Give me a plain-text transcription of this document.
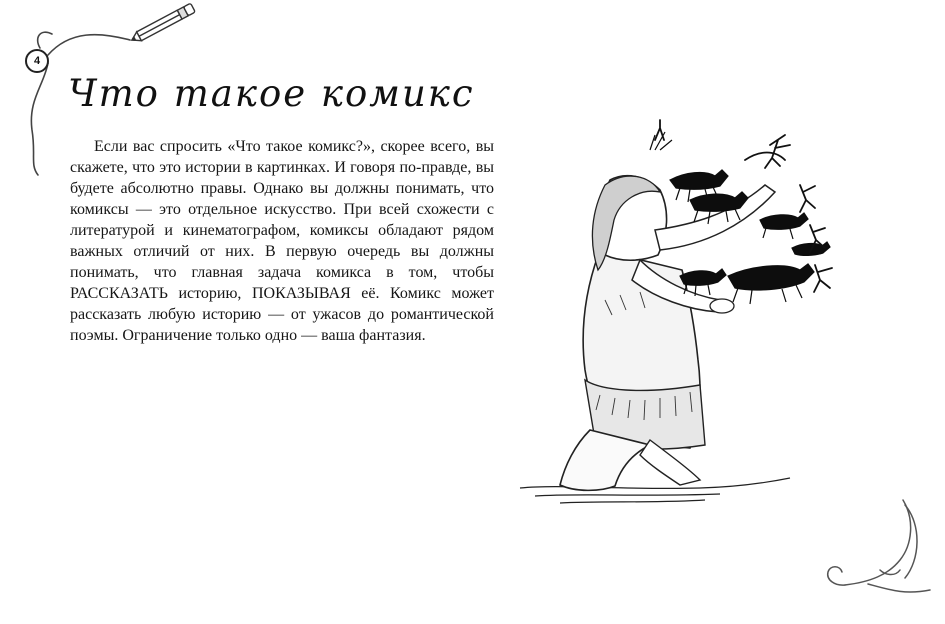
4
Что такое комикс

Если вас спросить «Что такое комикс?», скорее всего, вы скажете, что это истории в картинках. И говоря по-правде, вы будете абсолютно правы. Однако вы должны понимать, что комиксы — это отдельное искусство. При всей схожести с литературой и кинематографом, комиксы обладают рядом важных отличий от них. В первую очередь вы должны понимать, что главная задача комикса в том, чтобы РАССКАЗАТЬ историю, ПОКАЗЫВАЯ её. Комикс может рассказать любую историю — от ужасов до романтической поэмы. Ограничение только одно — ваша фантазия.
